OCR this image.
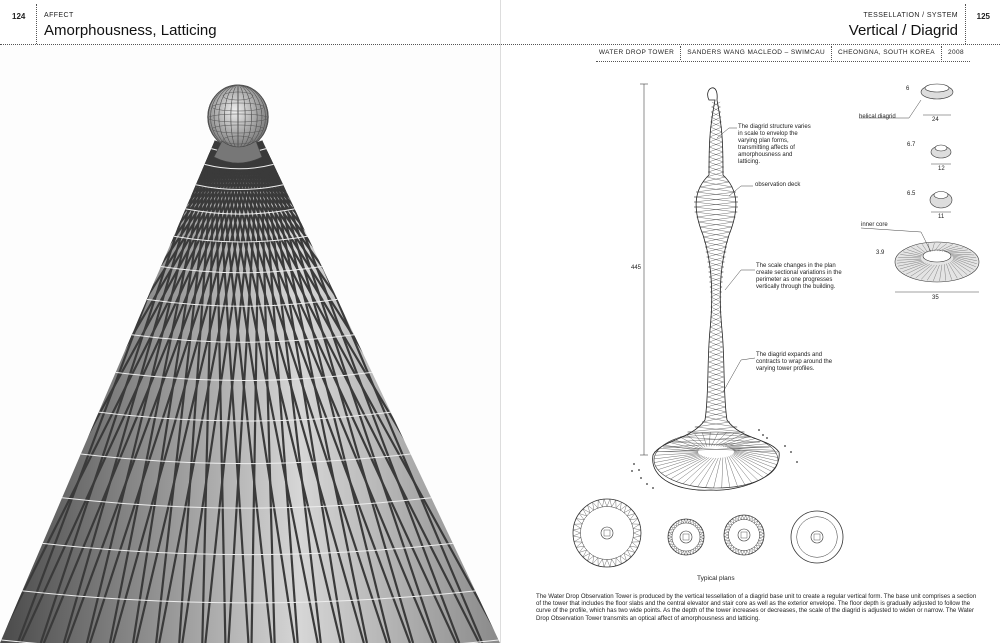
124	AFFECT
Amorphousness, Latticing
TESSELLATION / SYSTEM
Vertical / Diagrid
125
WATER DROP TOWER	SANDERS WANG MACLEOD – SWIMCAU	CHEONGNA, SOUTH KOREA	2008
The diagrid structure varies in scale to envelop the varying plan forms, transmitting affects of amorphousness and latticing.
observation deck
The scale changes in the plan create sectional variations in the perimeter as one progresses vertically through the building.
The diagrid expands and contracts to wrap around the varying tower profiles.
helical diagrid
inner core
445
Typical plans
6
24
6.7
12
6.5
11
3.9
35
The Water Drop Observation Tower is produced by the vertical tessellation of a diagrid base unit to create a regular vertical form. The base unit comprises a section of the tower that includes the floor slabs and the central elevator and stair core as well as the exterior envelope. The floor depth is gradually adjusted to follow the curve of the profile, which has two wide points. As the depth of the tower increases or decreases, the scale of the diagrid is adjusted to widen or narrow. The Water Drop Observation Tower transmits an optical affect of amorphousness and latticing.
